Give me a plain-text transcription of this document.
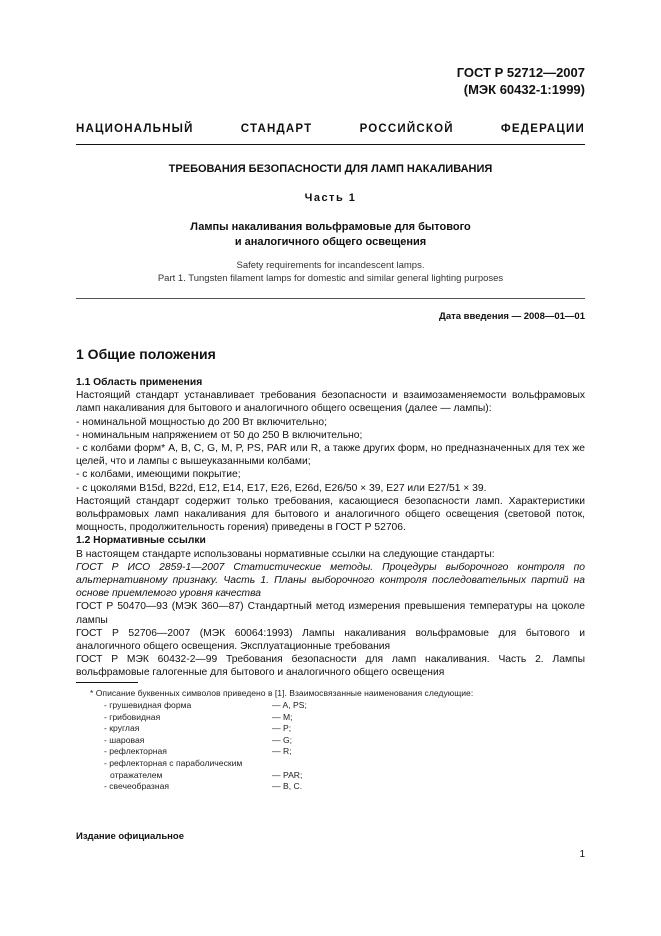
ГОСТ Р 52712—2007
(МЭК 60432-1:1999)
НАЦИОНАЛЬНЫЙ	СТАНДАРТ	РОССИЙСКОЙ	ФЕДЕРАЦИИ
ТРЕБОВАНИЯ БЕЗОПАСНОСТИ ДЛЯ ЛАМП НАКАЛИВАНИЯ
Часть 1
Лампы накаливания вольфрамовые для бытового
и аналогичного общего освещения
Safety requirements for incandescent lamps.
Part 1. Tungsten filament lamps for domestic and similar general lighting purposes
Дата введения — 2008—01—01
1 Общие положения

1.1 Область применения

Настоящий стандарт устанавливает требования безопасности и взаимозаменяемости вольфрамовых ламп накаливания для бытового и аналогичного общего освещения (далее — лампы):

- номинальной мощностью до 200 Вт включительно;

- номинальным напряжением от 50 до 250 В включительно;

- с колбами форм* A, B, C, G, M, P, PS, PAR или R, а также других форм, но предназначенных для тех же целей, что и лампы с вышеуказанными колбами;

- с колбами, имеющими покрытие;

- с цоколями B15d, B22d, E12, E14, E17, E26, E26d, E26/50 × 39, E27 или E27/51 × 39.

Настоящий стандарт содержит только требования, касающиеся безопасности ламп. Характеристики вольфрамовых ламп накаливания для бытового и аналогичного общего освещения (световой поток, мощность, продолжительность горения) приведены в ГОСТ Р 52706.

1.2 Нормативные ссылки

В настоящем стандарте использованы нормативные ссылки на следующие стандарты:

ГОСТ Р ИСО 2859-1—2007 Статистические методы. Процедуры выборочного контроля по альтернативному признаку. Часть 1. Планы выборочного контроля последовательных партий на основе приемлемого уровня качества

ГОСТ Р 50470—93 (МЭК 360—87) Стандартный метод измерения превышения температуры на цоколе лампы

ГОСТ Р 52706—2007 (МЭК 60064:1993) Лампы накаливания вольфрамовые для бытового и аналогичного общего освещения. Эксплуатационные требования

ГОСТ Р МЭК 60432-2—99 Требования безопасности для ламп накаливания. Часть 2. Лампы вольфрамовые галогенные для бытового и аналогичного общего освещения

* Описание буквенных символов приведено в [1]. Взаимосвязанные наименования следующие:
- грушевидная форма	— A, PS;
- грибовидная	— M;
- круглая	— P;
- шаровая	— G;
- рефлекторная	— R;
- рефлекторная с параболическим
отражателем	— PAR;
- свечеобразная	— B, C.
Издание официальное
1
